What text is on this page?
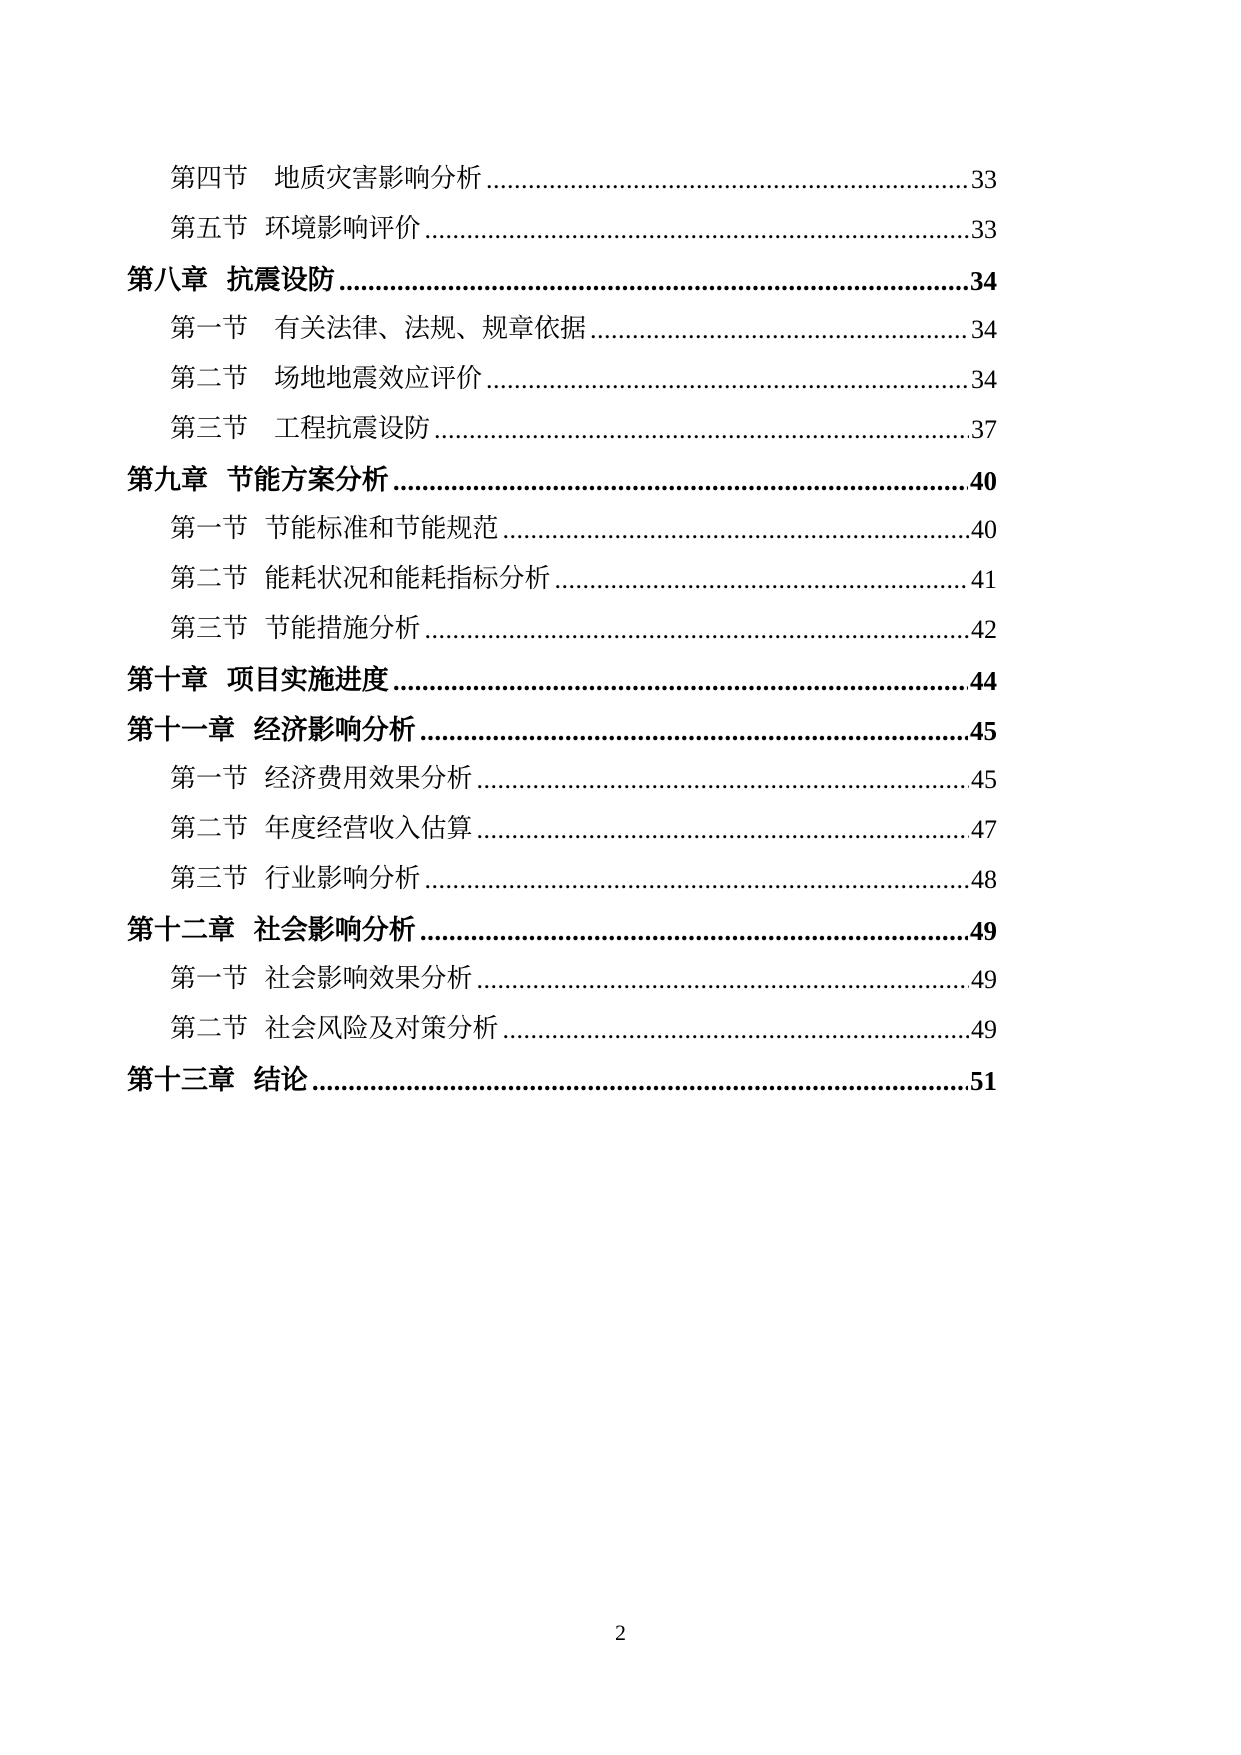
第四节　地质灾害影响分析 .....	33
第五节  环境影响评价 .....	33
第八章  抗震设防 .....	34
第一节　有关法律、法规、规章依据 .....	34
第二节　场地地震效应评价 .....	34
第三节　工程抗震设防 .....	37
第九章  节能方案分析 .....	40
第一节  节能标准和节能规范 .....	40
第二节  能耗状况和能耗指标分析 .....	41
第三节  节能措施分析 .....	42
第十章  项目实施进度 .....	44
第十一章  经济影响分析 .....	45
第一节  经济费用效果分析 .....	45
第二节  年度经营收入估算 .....	47
第三节  行业影响分析 .....	48
第十二章  社会影响分析 .....	49
第一节  社会影响效果分析 .....	49
第二节  社会风险及对策分析 .....	49
第十三章  结论 .....	51
2
